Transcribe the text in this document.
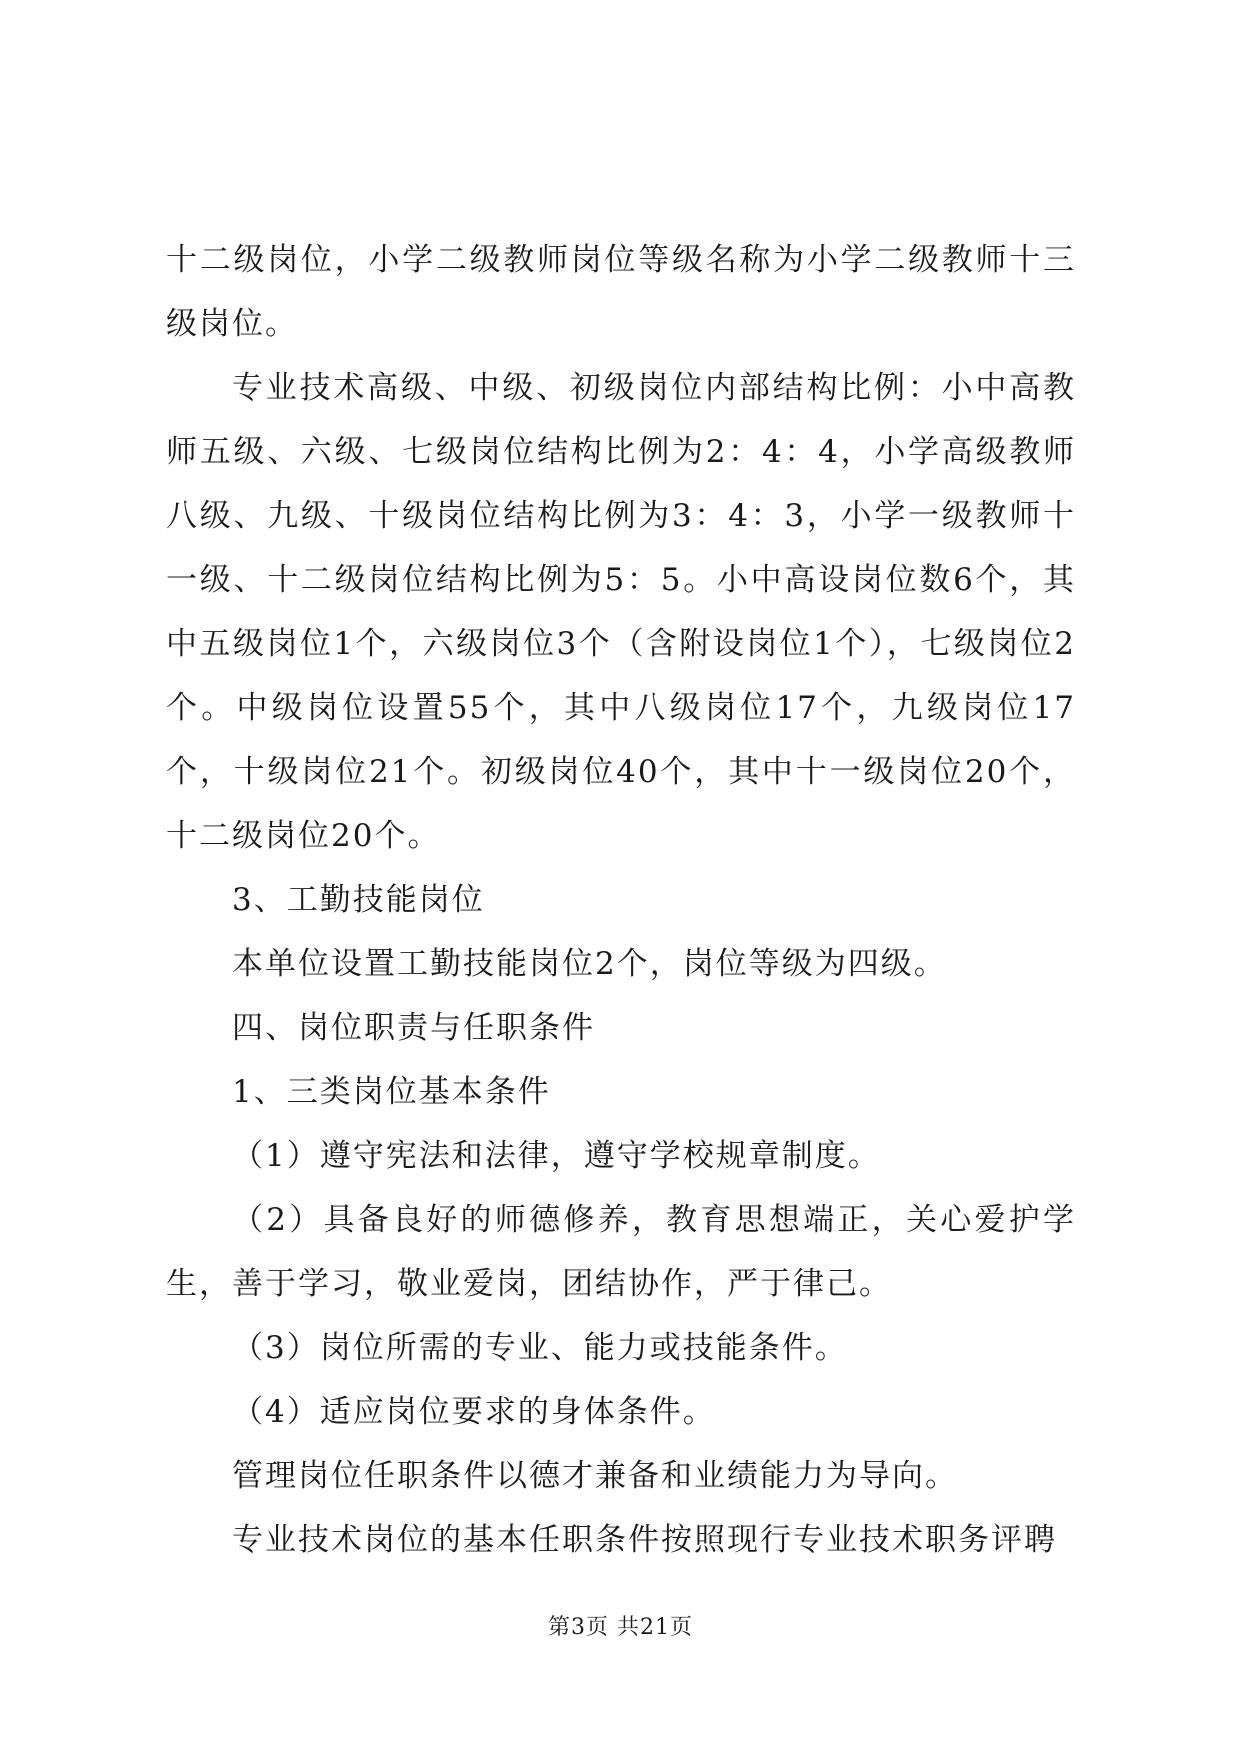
十二级岗位，小学二级教师岗位等级名称为小学二级教师十三级岗位。

专业技术高级、中级、初级岗位内部结构比例：小中高教师五级、六级、七级岗位结构比例为2：4：4，小学高级教师八级、九级、十级岗位结构比例为3：4：3，小学一级教师十一级、十二级岗位结构比例为5：5。小中高设岗位数6个，其中五级岗位1个，六级岗位3个（含附设岗位1个），七级岗位2个。中级岗位设置55个，其中八级岗位17个，九级岗位17个，十级岗位21个。初级岗位40个，其中十一级岗位20个，十二级岗位20个。

3、工勤技能岗位

本单位设置工勤技能岗位2个，岗位等级为四级。

四、岗位职责与任职条件

1、三类岗位基本条件

（1）遵守宪法和法律，遵守学校规章制度。

（2）具备良好的师德修养，教育思想端正，关心爱护学生，善于学习，敬业爱岗，团结协作，严于律己。

（3）岗位所需的专业、能力或技能条件。

（4）适应岗位要求的身体条件。

管理岗位任职条件以德才兼备和业绩能力为导向。

专业技术岗位的基本任职条件按照现行专业技术职务评聘

第3页 共21页
